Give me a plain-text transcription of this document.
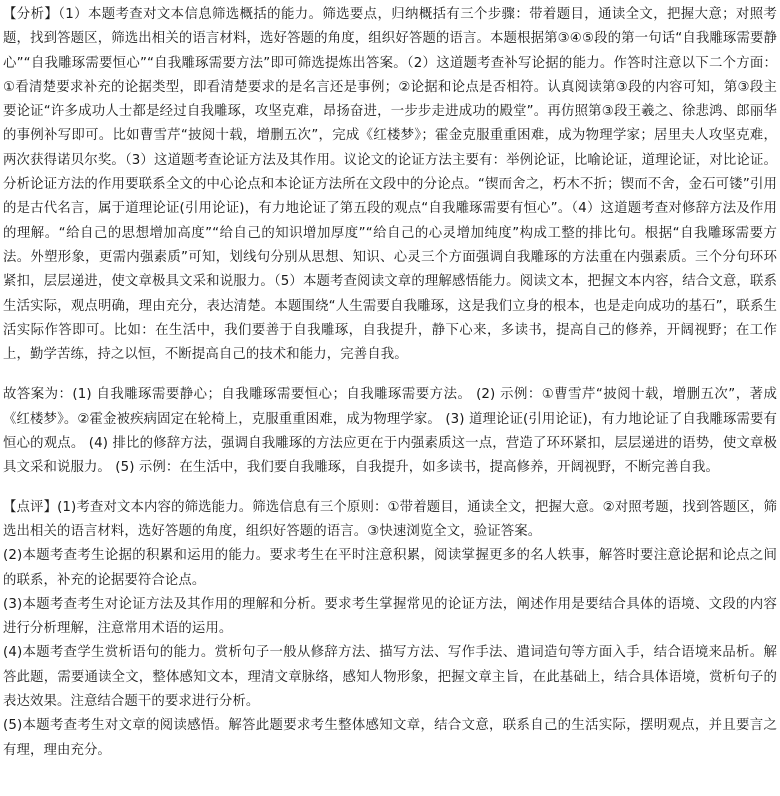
【分析】（1）本题考查对文本信息筛选概括的能力。筛选要点，归纳概括有三个步骤：带着题目，通读全文，把握大意；对照考题，找到答题区，筛选出相关的语言材料，选好答题的角度，组织好答题的语言。本题根据第③④⑤段的第一句话“自我雕琢需要静心”“自我雕琢需要恒心”“自我雕琢需要方法”即可筛选提炼出答案。（2）这道题考查补写论据的能力。作答时注意以下二个方面：①看清楚要求补充的论据类型，即看清楚要求的是名言还是事例；②论据和论点是否相符。认真阅读第③段的内容可知，第③段主要论证“许多成功人士都是经过自我雕琢，攻坚克难，昂扬奋进，一步步走进成功的殿堂”。再仿照第③段王羲之、徐悲鸿、郎丽华的事例补写即可。比如曹雪芹“披阅十载，增删五次”，完成《红楼梦》；霍金克服重重困难，成为物理学家；居里夫人攻坚克难，两次获得诺贝尔奖。（3）这道题考查论证方法及其作用。议论文的论证方法主要有：举例论证，比喻论证，道理论证，对比论证。分析论证方法的作用要联系全文的中心论点和本论证方法所在文段中的分论点。“锲而舍之，朽木不折；锲而不舍，金石可镂”引用的是古代名言，属于道理论证(引用论证)，有力地论证了第五段的观点“自我雕琢需要有恒心”。（4）这道题考查对修辞方法及作用的理解。“给自己的思想增加高度”“给自己的知识增加厚度”“给自己的心灵增加纯度”构成工整的排比句。根据“自我雕琢需要方法。外塑形象，更需内强素质”可知，划线句分别从思想、知识、心灵三个方面强调自我雕琢的方法重在内强素质。三个分句环环紧扣，层层递进，使文章极具文采和说服力。（5）本题考查阅读文章的理解感悟能力。阅读文本，把握文本内容，结合文意，联系生活实际，观点明确，理由充分，表达清楚。本题围绕“人生需要自我雕琢，这是我们立身的根本，也是走向成功的基石”，联系生活实际作答即可。比如：在生活中，我们要善于自我雕琢，自我提升，静下心来，多读书，提高自己的修养，开阔视野；在工作上，勤学苦练，持之以恒，不断提高自己的技术和能力，完善自我。

故答案为：(1) 自我雕琢需要静心；自我雕琢需要恒心；自我雕琢需要方法。 (2) 示例：①曹雪芹“披阅十载，增删五次”，著成《红楼梦》。②霍金被疾病固定在轮椅上，克服重重困难，成为物理学家。 (3) 道理论证(引用论证)，有力地论证了自我雕琢需要有恒心的观点。 (4) 排比的修辞方法，强调自我雕琢的方法应更在于内强素质这一点，营造了环环紧扣，层层递进的语势，使文章极具文采和说服力。 (5) 示例：在生活中，我们要自我雕琢，自我提升，如多读书，提高修养，开阔视野，不断完善自我。

【点评】(1)考查对文本内容的筛选能力。筛选信息有三个原则：①带着题目，通读全文，把握大意。②对照考题，找到答题区，筛选出相关的语言材料，选好答题的角度，组织好答题的语言。③快速浏览全文，验证答案。

(2)本题考查考生论据的积累和运用的能力。要求考生在平时注意积累，阅读掌握更多的名人轶事，解答时要注意论据和论点之间的联系，补充的论据要符合论点。

(3)本题考查考生对论证方法及其作用的理解和分析。要求考生掌握常见的论证方法，阐述作用是要结合具体的语境、文段的内容进行分析理解，注意常用术语的运用。

(4)本题考查学生赏析语句的能力。赏析句子一般从修辞方法、描写方法、写作手法、遣词造句等方面入手，结合语境来品析。解答此题，需要通读全文，整体感知文本，理清文章脉络，感知人物形象，把握文章主旨，在此基础上，结合具体语境，赏析句子的表达效果。注意结合题干的要求进行分析。

(5)本题考查考生对文章的阅读感悟。解答此题要求考生整体感知文章，结合文意，联系自己的生活实际，摆明观点，并且要言之有理，理由充分。
